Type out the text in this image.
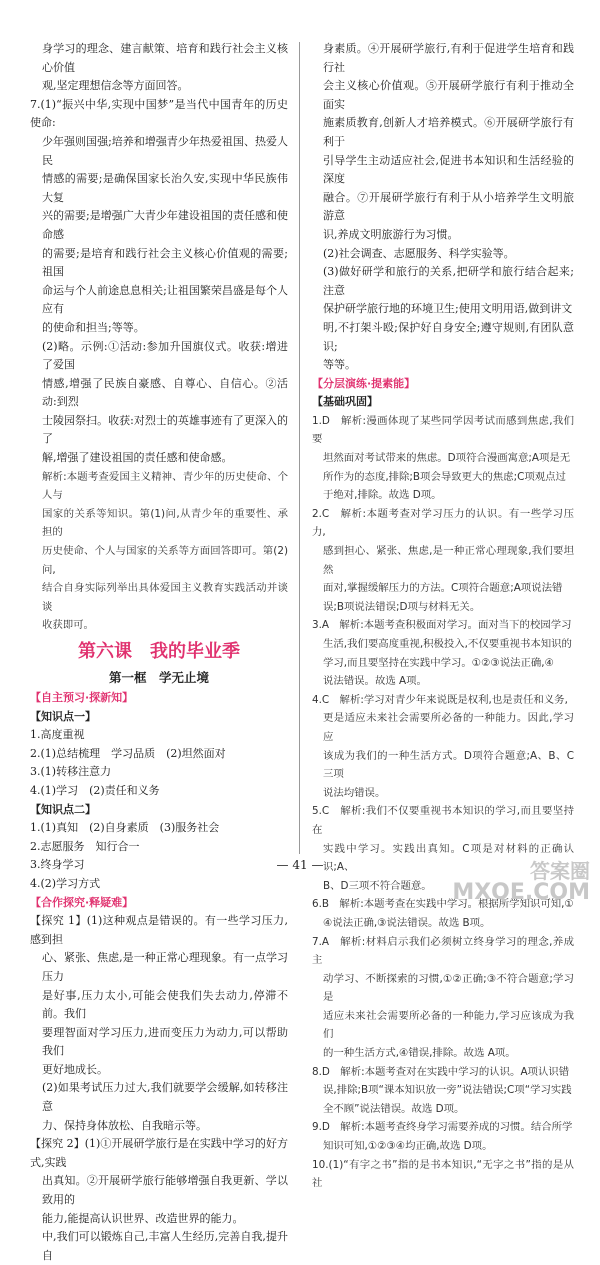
身学习的理念、建言献策、培育和践行社会主义核心价值

观,坚定理想信念等方面回答。

7.(1)“振兴中华,实现中国梦”是当代中国青年的历史使命:

少年强则国强;培养和增强青少年热爱祖国、热爱人民

情感的需要;是确保国家长治久安,实现中华民族伟大复

兴的需要;是增强广大青少年建设祖国的责任感和使命感

的需要;是培育和践行社会主义核心价值观的需要;祖国

命运与个人前途息息相关;让祖国繁荣昌盛是每个人应有

的使命和担当;等等。

(2)略。示例:①活动:参加升国旗仪式。收获:增进了爱国

情感,增强了民族自豪感、自尊心、自信心。②活动:到烈

士陵园祭扫。收获:对烈士的英雄事迹有了更深入的了

解,增强了建设祖国的责任感和使命感。

解析:本题考查爱国主义精神、青少年的历史使命、个人与

国家的关系等知识。第(1)问,从青少年的重要性、承担的

历史使命、个人与国家的关系等方面回答即可。第(2)问,

结合自身实际列举出具体爱国主义教育实践活动并谈谈

收获即可。

第六课　我的毕业季
第一框　学无止境

【自主预习·探新知】

【知识点一】

1.高度重视

2.(1)总结梳理　学习品质　(2)坦然面对

3.(1)转移注意力

4.(1)学习　(2)责任和义务

【知识点二】

1.(1)真知　(2)自身素质　(3)服务社会

2.志愿服务　知行合一

3.终身学习

4.(2)学习方式

【合作探究·释疑难】

【探究 1】(1)这种观点是错误的。有一些学习压力,感到担

心、紧张、焦虑,是一种正常心理现象。有一点学习压力

是好事,压力太小,可能会使我们失去动力,停滞不前。我们

要理智面对学习压力,进而变压力为动力,可以帮助我们

更好地成长。

(2)如果考试压力过大,我们就要学会缓解,如转移注意

力、保持身体放松、自我暗示等。

【探究 2】(1)①开展研学旅行是在实践中学习的好方式,实践

出真知。②开展研学旅行能够增强自我更新、学以致用的

能力,能提高认识世界、改造世界的能力。

中,我们可以锻炼自己,丰富人生经历,完善自我,提升自

身素质。④开展研学旅行,有利于促进学生培育和践行社

会主义核心价值观。⑤开展研学旅行有利于推动全面实

施素质教育,创新人才培养模式。⑥开展研学旅行有利于

引导学生主动适应社会,促进书本知识和生活经验的深度

融合。⑦开展研学旅行有利于从小培养学生文明旅游意

识,养成文明旅游行为习惯。

(2)社会调查、志愿服务、科学实验等。

(3)做好研学和旅行的关系,把研学和旅行结合起来;注意

保护研学旅行地的环境卫生;使用文明用语,做到讲文

明,不打架斗殴;保护好自身安全;遵守规则,有团队意识;

等等。

【分层演练·提素能】

【基础巩固】

1.D　解析:漫画体现了某些同学因考试而感到焦虑,我们要

坦然面对考试带来的焦虑。D项符合漫画寓意;A项是无

所作为的态度,排除;B项会导致更大的焦虑;C项观点过

于绝对,排除。故选 D项。

2.C　解析:本题考查对学习压力的认识。有一些学习压力,

感到担心、紧张、焦虑,是一种正常心理现象,我们要坦然

面对,掌握缓解压力的方法。C项符合题意;A项说法错

误;B项说法错误;D项与材料无关。

3.A　解析:本题考查积极面对学习。面对当下的校园学习

生活,我们要高度重视,积极投入,不仅要重视书本知识的

学习,而且要坚持在实践中学习。①②③说法正确,④

说法错误。故选 A项。

4.C　解析:学习对青少年来说既是权利,也是责任和义务,

更是适应未来社会需要所必备的一种能力。因此,学习应

该成为我们的一种生活方式。D项符合题意;A、B、C三项

说法均错误。

5.C　解析:我们不仅要重视书本知识的学习,而且要坚持在

实践中学习。实践出真知。C项是对材料的正确认识;A、

B、D三项不符合题意。

6.B　解析:本题考查在实践中学习。根据所学知识可知,①

④说法正确,③说法错误。故选 B项。

7.A　解析:材料启示我们必须树立终身学习的理念,养成主

动学习、不断探索的习惯,①②正确;③不符合题意;学习是

适应未来社会需要所必备的一种能力,学习应该成为我们

的一种生活方式,④错误,排除。故选 A项。

8.D　解析:本题考查对在实践中学习的认识。A项认识错

误,排除;B项“课本知识放一旁”说法错误;C项“学习实践

全不顾”说法错误。故选 D项。

9.D　解析:本题考查终身学习需要养成的习惯。结合所学

知识可知,①②③④均正确,故选 D项。

10.(1)“有字之书”指的是书本知识,“无字之书”指的是从社

— 41 —	答案圈
MXQE.COM
